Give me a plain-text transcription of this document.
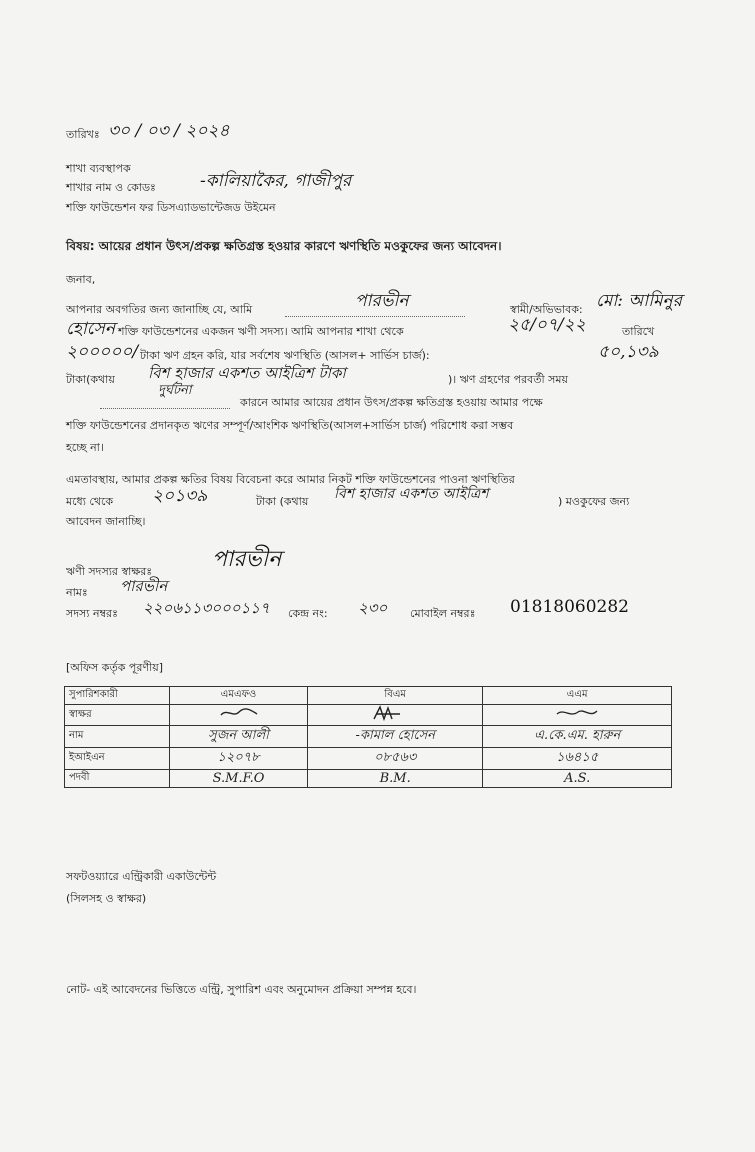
তারিখঃ ৩০ / ০৩ / ২০২৪
শাখা ব্যবস্থাপক
শাখার নাম ও কোডঃ	-কালিয়াকৈর, গাজীপুর
শক্তি ফাউন্ডেশন ফর ডিসএ্যাডভান্টেজড উইমেন
বিষয়: আয়ের প্রধান উৎস/প্রকল্প ক্ষতিগ্রস্ত হওয়ার কারণে ঋণস্থিতি মওকুফের জন্য আবেদন।
জনাব,
আপনার অবগতির জন্য জানাচ্ছি যে, আমি	পারভীন	স্বামী/অভিভাবক: মো: আমিনুর
হোসেন শক্তি ফাউন্ডেশনের একজন ঋণী সদস্য। আমি আপনার শাখা থেকে	২৫/০৭/২২	তারিখে
২০০০০০/ টাকা ঋণ গ্রহন করি, যার সর্বশেষ ঋণস্থিতি (আসল+ সার্ভিস চার্জ):	৫০,১৩৯
টাকা(কথায় বিশ হাজার একশত আইত্রিশ টাকা	)। ঋণ গ্রহণের পরবর্তী সময়
দুর্ঘটনা
কারনে আমার আয়ের প্রধান উৎস/প্রকল্প ক্ষতিগ্রস্ত হওয়ায় আমার পক্ষে
শক্তি ফাউন্ডেশনের প্রদানকৃত ঋণের সম্পূর্ণ/আংশিক ঋণস্থিতি(আসল+সার্ভিস চার্জ) পরিশোধ করা সম্ভব
হচ্ছে না।
এমতাবস্থায়, আমার প্রকল্প ক্ষতির বিষয় বিবেচনা করে আমার নিকট শক্তি ফাউন্ডেশনের পাওনা ঋণস্থিতির
মধ্যে থেকে ২০১৩৯	টাকা (কথায় বিশ হাজার একশত আইত্রিশ	) মওকুফের জন্য
আবেদন জানাচ্ছি।
ঋণী সদস্যর স্বাক্ষরঃ	পারভীন
নামঃ পারভীন
সদস্য নম্বরঃ ২২০৬১১৩০০০১১৭ কেন্দ্র নং: ২৩০ মোবাইল নম্বরঃ 01818060282
[অফিস কর্তৃক পূরণীয়]
সুপারিশকারী	এমএফও	বিএম	এএম
স্বাক্ষর			
নাম	সুজন আলী	-কামাল হোসেন	এ.কে.এম. হারুন
ইআইএন	১২০৭৮	০৮৫৬৩	১৬৪১৫
পদবী	S.M.F.O	B.M.	A.S.
সফটওয়্যারে এন্ট্রিকারী একাউন্টেন্ট
(সিলসহ ও স্বাক্ষর)
নোট- এই আবেদনের ভিত্তিতে এন্ট্রি, সুপারিশ এবং অনুমোদন প্রক্রিয়া সম্পন্ন হবে।
